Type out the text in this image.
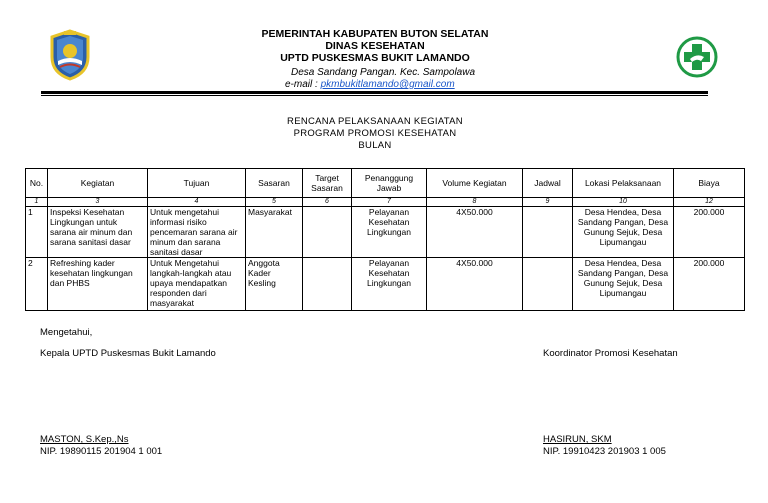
PEMERINTAH KABUPATEN BUTON SELATAN
DINAS KESEHATAN
UPTD PUSKESMAS BUKIT LAMANDO
Desa Sandang Pangan. Kec. Sampolawa
e-mail : pkmbukitlamando@gmail.com
RENCANA PELAKSANAAN KEGIATAN
PROGRAM PROMOSI KESEHATAN
BULAN
No.	Kegiatan	Tujuan	Sasaran	Target Sasaran	Penanggung Jawab	Volume Kegiatan	Jadwal	Lokasi Pelaksanaan	Biaya
1	3	4	5	6	7	8	9	10	12
1	Inspeksi Kesehatan Lingkungan untuk sarana air minum dan sarana sanitasi dasar	Untuk mengetahui informasi risiko pencemaran sarana air minum dan sarana sanitasi dasar	Masyarakat		Pelayanan Kesehatan Lingkungan	4X50.000		Desa Hendea, Desa Sandang Pangan, Desa Gunung Sejuk, Desa Lipumangau	200.000
2	Refreshing kader kesehatan lingkungan dan PHBS	Untuk Mengetahui langkah-langkah atau upaya mendapatkan responden dari masyarakat	Anggota Kader Kesling		Pelayanan Kesehatan Lingkungan	4X50.000		Desa Hendea, Desa Sandang Pangan, Desa Gunung Sejuk, Desa Lipumangau	200.000
Mengetahui,
Kepala UPTD Puskesmas Bukit Lamando	Koordinator Promosi Kesehatan
MASTON, S.Kep.,Ns
NIP. 19890115 201904 1 001
HASIRUN, SKM
NIP. 19910423 201903 1 005
